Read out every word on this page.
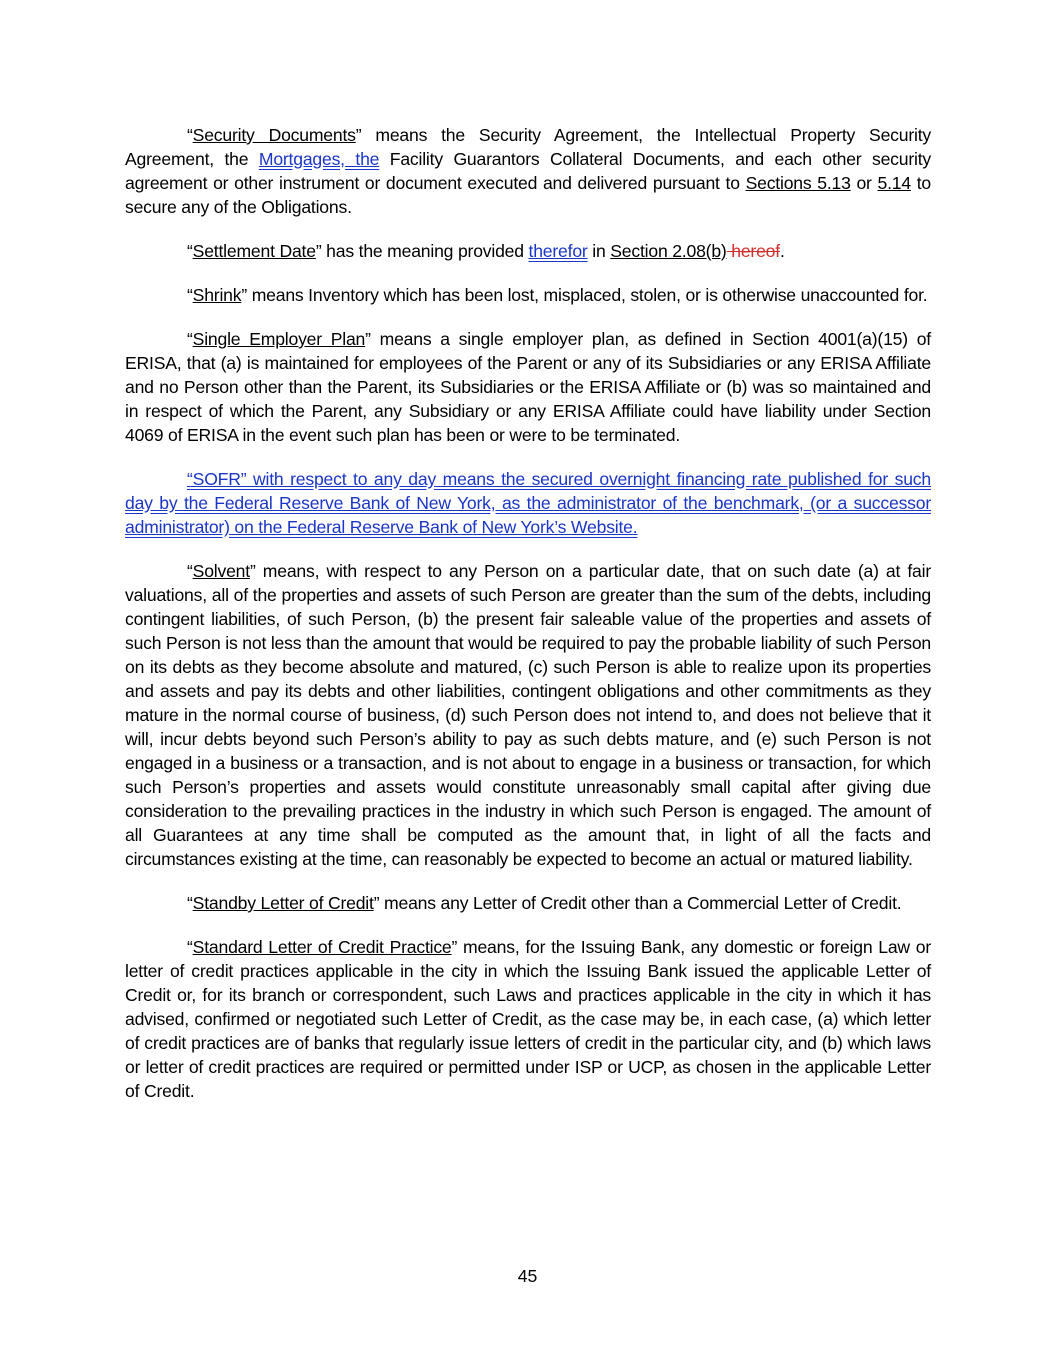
“Security Documents” means the Security Agreement, the Intellectual Property Security Agreement, the Mortgages, the Facility Guarantors Collateral Documents, and each other security agreement or other instrument or document executed and delivered pursuant to Sections 5.13 or 5.14 to secure any of the Obligations.

“Settlement Date” has the meaning provided therefor in Section 2.08(b) hereof.

“Shrink” means Inventory which has been lost, misplaced, stolen, or is otherwise unaccounted for.

“Single Employer Plan” means a single employer plan, as defined in Section 4001(a)(15) of ERISA, that (a) is maintained for employees of the Parent or any of its Subsidiaries or any ERISA Affiliate and no Person other than the Parent, its Subsidiaries or the ERISA Affiliate or (b) was so maintained and in respect of which the Parent, any Subsidiary or any ERISA Affiliate could have liability under Section 4069 of ERISA in the event such plan has been or were to be terminated.

“SOFR” with respect to any day means the secured overnight financing rate published for such day by the Federal Reserve Bank of New York, as the administrator of the benchmark, (or a successor administrator) on the Federal Reserve Bank of New York’s Website.

“Solvent” means, with respect to any Person on a particular date, that on such date (a) at fair valuations, all of the properties and assets of such Person are greater than the sum of the debts, including contingent liabilities, of such Person, (b) the present fair saleable value of the properties and assets of such Person is not less than the amount that would be required to pay the probable liability of such Person on its debts as they become absolute and matured, (c) such Person is able to realize upon its properties and assets and pay its debts and other liabilities, contingent obligations and other commitments as they mature in the normal course of business, (d) such Person does not intend to, and does not believe that it will, incur debts beyond such Person’s ability to pay as such debts mature, and (e) such Person is not engaged in a business or a transaction, and is not about to engage in a business or transaction, for which such Person’s properties and assets would constitute unreasonably small capital after giving due consideration to the prevailing practices in the industry in which such Person is engaged. The amount of all Guarantees at any time shall be computed as the amount that, in light of all the facts and circumstances existing at the time, can reasonably be expected to become an actual or matured liability.

“Standby Letter of Credit” means any Letter of Credit other than a Commercial Letter of Credit.

“Standard Letter of Credit Practice” means, for the Issuing Bank, any domestic or foreign Law or letter of credit practices applicable in the city in which the Issuing Bank issued the applicable Letter of Credit or, for its branch or correspondent, such Laws and practices applicable in the city in which it has advised, confirmed or negotiated such Letter of Credit, as the case may be, in each case, (a) which letter of credit practices are of banks that regularly issue letters of credit in the particular city, and (b) which laws or letter of credit practices are required or permitted under ISP or UCP, as chosen in the applicable Letter of Credit.

45
